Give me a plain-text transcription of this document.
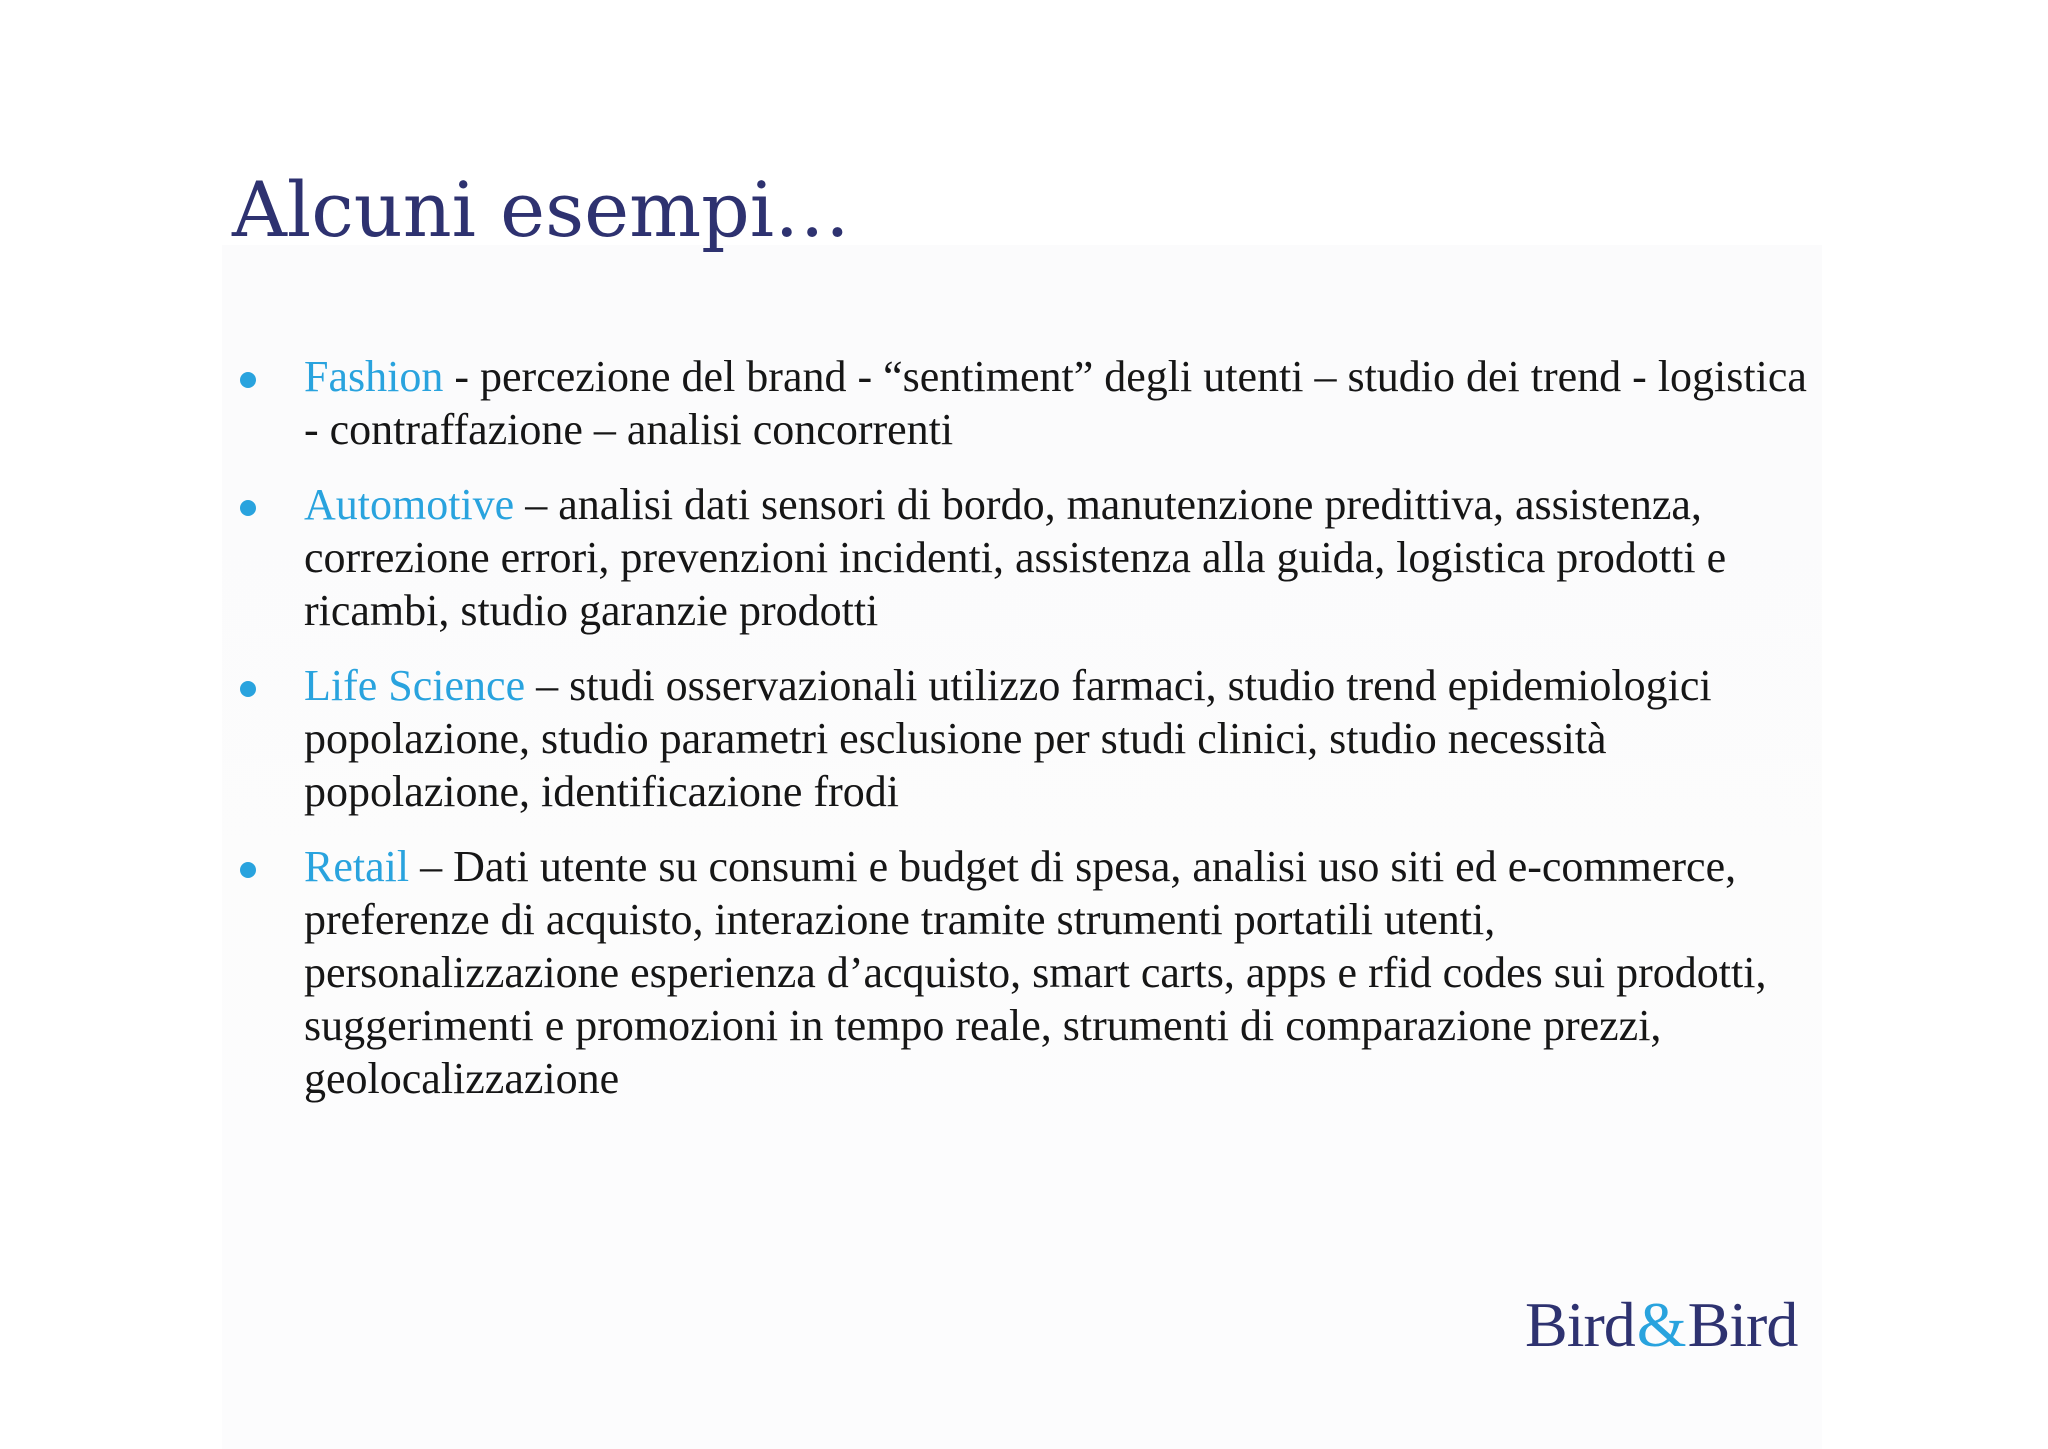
Alcuni esempi…
Fashion - percezione del brand - “sentiment” degli utenti – studio dei trend - logistica - contraffazione – analisi concorrenti
Automotive – analisi dati sensori di bordo, manutenzione predittiva, assistenza, correzione errori, prevenzioni incidenti, assistenza alla guida, logistica prodotti e ricambi, studio garanzie prodotti
Life Science – studi osservazionali utilizzo farmaci, studio trend epidemiologici popolazione, studio parametri esclusione per studi clinici, studio necessità popolazione, identificazione frodi
Retail – Dati utente su consumi e budget di spesa, analisi uso siti ed e-commerce, preferenze di acquisto, interazione tramite strumenti portatili utenti, personalizzazione esperienza d’acquisto, smart carts, apps e rfid codes sui prodotti, suggerimenti e promozioni in tempo reale, strumenti di comparazione prezzi, geolocalizzazione
Bird&Bird
